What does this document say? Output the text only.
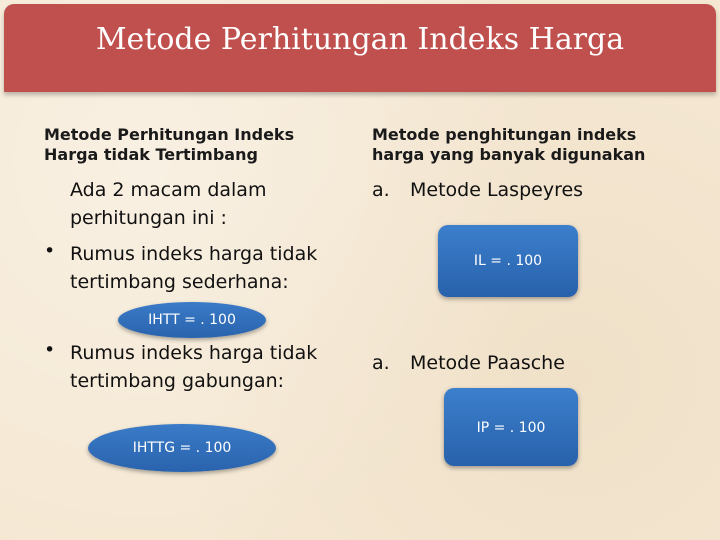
Metode Perhitungan Indeks Harga
Metode Perhitungan Indeks
Harga tidak Tertimbang
Ada 2 macam dalam
perhitungan ini :
• Rumus indeks harga tidak
tertimbang sederhana:
IHTT = . 100
• Rumus indeks harga tidak
tertimbang gabungan:
IHTTG = . 100
Metode penghitungan indeks
harga yang banyak digunakan
a. Metode Laspeyres
IL = . 100
a. Metode Paasche
IP = . 100
